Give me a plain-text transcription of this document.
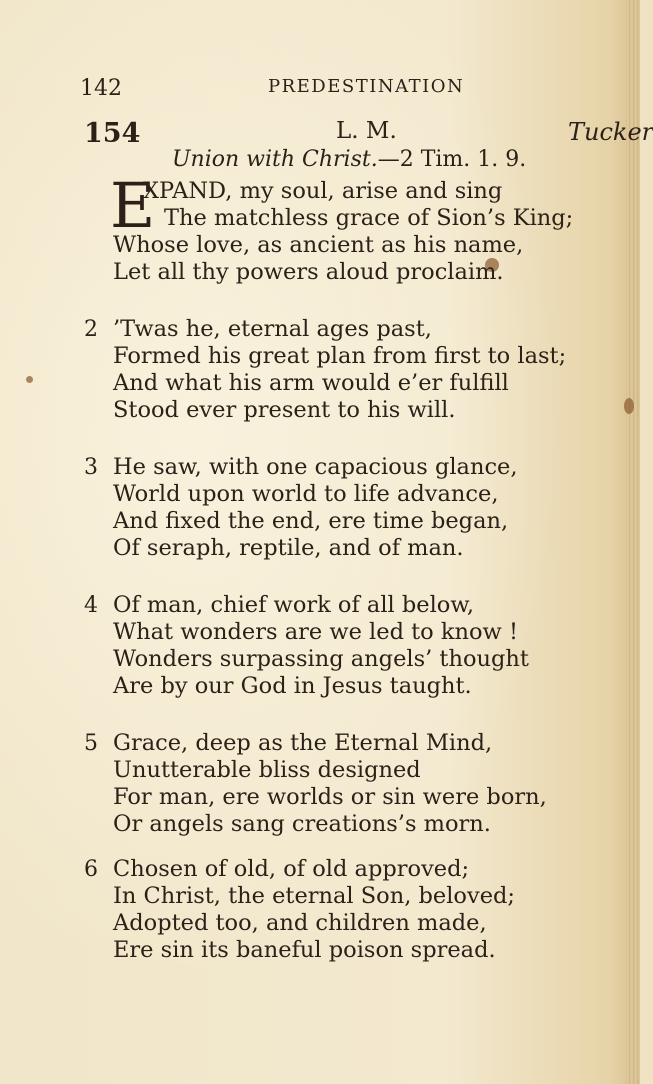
142	PREDESTINATION
154	L. M.	Tucker
Union with Christ.—2 Tim. 1. 9.
E
XPAND, my soul, arise and sing
The matchless grace of Sion’s King;
Whose love, as ancient as his name,
Let all thy powers aloud proclaim.
2 ’Twas he, eternal ages past,
Formed his great plan from first to last;
And what his arm would e’er fulfill
Stood ever present to his will.
3 He saw, with one capacious glance,
World upon world to life advance,
And fixed the end, ere time began,
Of seraph, reptile, and of man.
4 Of man, chief work of all below,
What wonders are we led to know !
Wonders surpassing angels’ thought
Are by our God in Jesus taught.
5 Grace, deep as the Eternal Mind,
Unutterable bliss designed
For man, ere worlds or sin were born,
Or angels sang creations’s morn.
6 Chosen of old, of old approved;
In Christ, the eternal Son, beloved;
Adopted too, and children made,
Ere sin its baneful poison spread.
